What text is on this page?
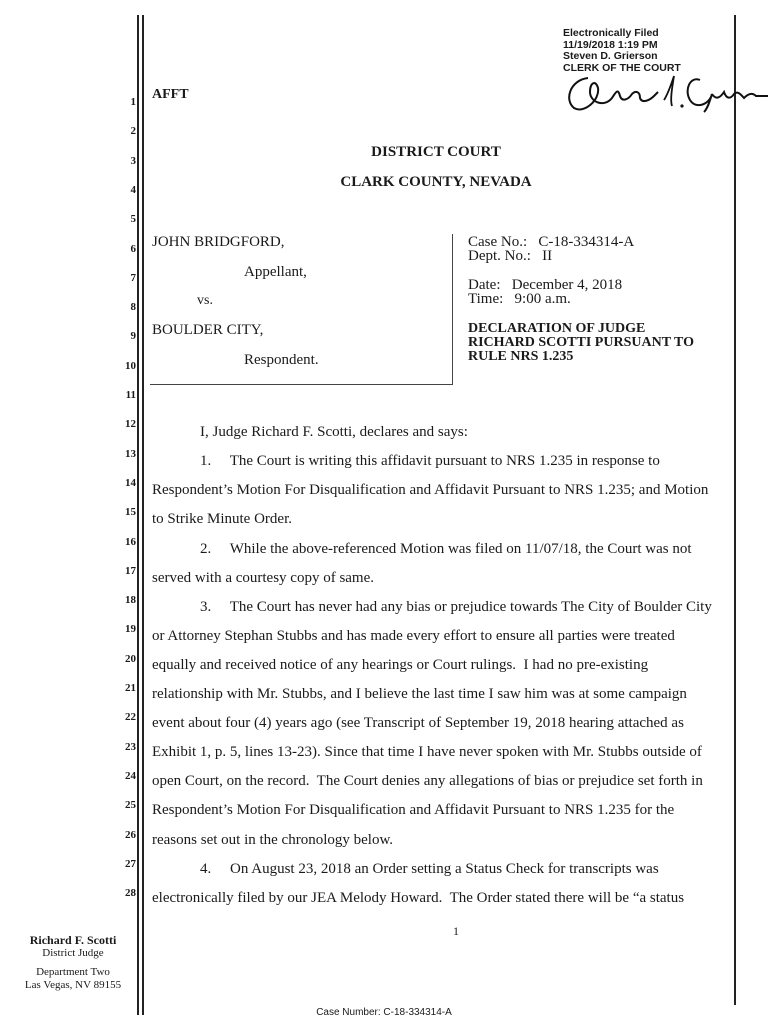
Electronically Filed
11/19/2018 1:19 PM
Steven D. Grierson
CLERK OF THE COURT
1
2
3
4
5
6
7
8
9
10
11
12
13
14
15
16
17
18
19
20
21
22
23
24
25
26
27
28
AFFT
DISTRICT COURT
CLARK COUNTY, NEVADA
JOHN BRIDGFORD,
Appellant,
vs.
BOULDER CITY,
Respondent.
Case No.:   C-18-334314-A
Dept. No.:   II
Date:   December 4, 2018
Time:   9:00 a.m.
DECLARATION OF JUDGE
RICHARD SCOTTI PURSUANT TO
RULE NRS 1.235
I, Judge Richard F. Scotti, declares and says:
1.     The Court is writing this affidavit pursuant to NRS 1.235 in response to
Respondent’s Motion For Disqualification and Affidavit Pursuant to NRS 1.235; and Motion
to Strike Minute Order.
2.     While the above-referenced Motion was filed on 11/07/18, the Court was not
served with a courtesy copy of same.
3.     The Court has never had any bias or prejudice towards The City of Boulder City
or Attorney Stephan Stubbs and has made every effort to ensure all parties were treated
equally and received notice of any hearings or Court rulings.  I had no pre-existing
relationship with Mr. Stubbs, and I believe the last time I saw him was at some campaign
event about four (4) years ago (see Transcript of September 19, 2018 hearing attached as
Exhibit 1, p. 5, lines 13-23). Since that time I have never spoken with Mr. Stubbs outside of
open Court, on the record.  The Court denies any allegations of bias or prejudice set forth in
Respondent’s Motion For Disqualification and Affidavit Pursuant to NRS 1.235 for the
reasons set out in the chronology below.
4.     On August 23, 2018 an Order setting a Status Check for transcripts was
electronically filed by our JEA Melody Howard.  The Order stated there will be “a status
1
Richard F. Scotti
District Judge
Department Two
Las Vegas, NV 89155
Case Number: C-18-334314-A
